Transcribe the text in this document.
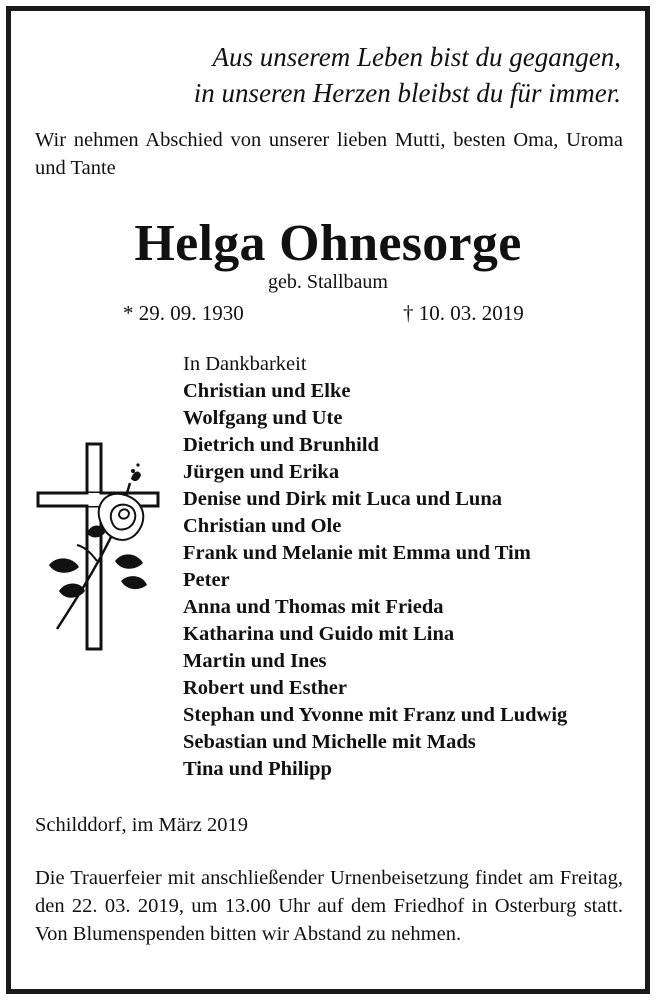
Aus unserem Leben bist du gegangen,
in unseren Herzen bleibst du für immer.
Wir nehmen Abschied von unserer lieben Mutti, besten Oma, Uroma und Tante
Helga Ohnesorge
geb. Stallbaum
* 29. 09. 1930	† 10. 03. 2019
In Dankbarkeit
Christian und Elke
Wolfgang und Ute
Dietrich und Brunhild
Jürgen und Erika
Denise und Dirk mit Luca und Luna
Christian und Ole
Frank und Melanie mit Emma und Tim
Peter
Anna und Thomas mit Frieda
Katharina und Guido mit Lina
Martin und Ines
Robert und Esther
Stephan und Yvonne mit Franz und Ludwig
Sebastian und Michelle mit Mads
Tina und Philipp
Schilddorf, im März 2019
Die Trauerfeier mit anschließender Urnenbeisetzung findet am Freitag, den 22. 03. 2019, um 13.00 Uhr auf dem Friedhof in Osterburg statt. Von Blumenspenden bitten wir Abstand zu nehmen.
